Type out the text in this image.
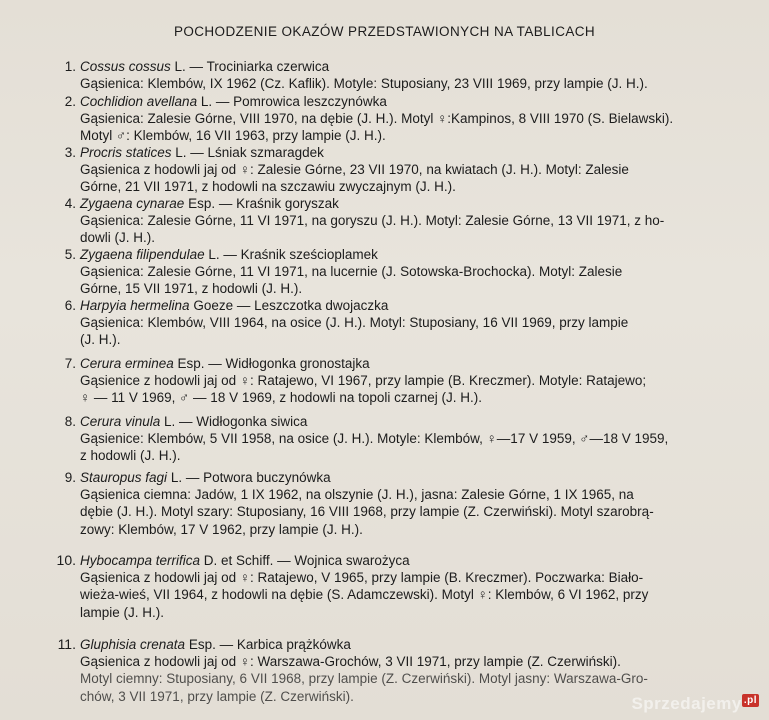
POCHODZENIE OKAZÓW PRZEDSTAWIONYCH NA TABLICACH
1. Cossus cossus L. — Trociniarka czerwica
Gąsienica: Klembów, IX 1962 (Cz. Kaflik). Motyle: Stuposiany, 23 VIII 1969, przy lampie (J. H.).
2. Cochlidion avellana L. — Pomrowica leszczynówka
Gąsienica: Zalesie Górne, VIII 1970, na dębie (J. H.). Motyl ♀:Kampinos, 8 VIII 1970 (S. Bielawski).
Motyl ♂: Klembów, 16 VII 1963, przy lampie (J. H.).
3. Procris statices L. — Lśniak szmaragdek
Gąsienica z hodowli jaj od ♀: Zalesie Górne, 23 VII 1970, na kwiatach (J. H.). Motyl: Zalesie
Górne, 21 VII 1971, z hodowli na szczawiu zwyczajnym (J. H.).
4. Zygaena cynarae Esp. — Kraśnik goryszak
Gąsienica: Zalesie Górne, 11 VI 1971, na goryszu (J. H.). Motyl: Zalesie Górne, 13 VII 1971, z ho-
dowli (J. H.).
5. Zygaena filipendulae L. — Kraśnik sześcioplamek
Gąsienica: Zalesie Górne, 11 VI 1971, na lucernie (J. Sotowska-Brochocka). Motyl: Zalesie
Górne, 15 VII 1971, z hodowli (J. H.).
6. Harpyia hermelina Goeze — Leszczotka dwojaczka
Gąsienica: Klembów, VIII 1964, na osice (J. H.). Motyl: Stuposiany, 16 VII 1969, przy lampie
(J. H.).
7. Cerura erminea Esp. — Widłogonka gronostajka
Gąsienice z hodowli jaj od ♀: Ratajewo, VI 1967, przy lampie (B. Kreczmer). Motyle: Ratajewo;
♀ — 11 V 1969, ♂ — 18 V 1969, z hodowli na topoli czarnej (J. H.).
8. Cerura vinula L. — Widłogonka siwica
Gąsienice: Klembów, 5 VII 1958, na osice (J. H.). Motyle: Klembów, ♀—17 V 1959, ♂—18 V 1959,
z hodowli (J. H.).
9. Stauropus fagi L. — Potwora buczynówka
Gąsienica ciemna: Jadów, 1 IX 1962, na olszynie (J. H.), jasna: Zalesie Górne, 1 IX 1965, na
dębie (J. H.). Motyl szary: Stuposiany, 16 VIII 1968, przy lampie (Z. Czerwiński). Motyl szarobrą-
zowy: Klembów, 17 V 1962, przy lampie (J. H.).
10. Hybocampa terrifica D. et Schiff. — Wojnica swarożyca
Gąsienica z hodowli jaj od ♀: Ratajewo, V 1965, przy lampie (B. Kreczmer). Poczwarka: Biało-
wieża-wieś, VII 1964, z hodowli na dębie (S. Adamczewski). Motyl ♀: Klembów, 6 VI 1962, przy
lampie (J. H.).
11. Gluphisia crenata Esp. — Karbica prążkówka
Gąsienica z hodowli jaj od ♀: Warszawa-Grochów, 3 VII 1971, przy lampie (Z. Czerwiński).
Motyl ciemny: Stuposiany, 6 VII 1968, przy lampie (Z. Czerwiński). Motyl jasny: Warszawa-Gro-
chów, 3 VII 1971, przy lampie (Z. Czerwiński).	Sprzedajemy .pl
